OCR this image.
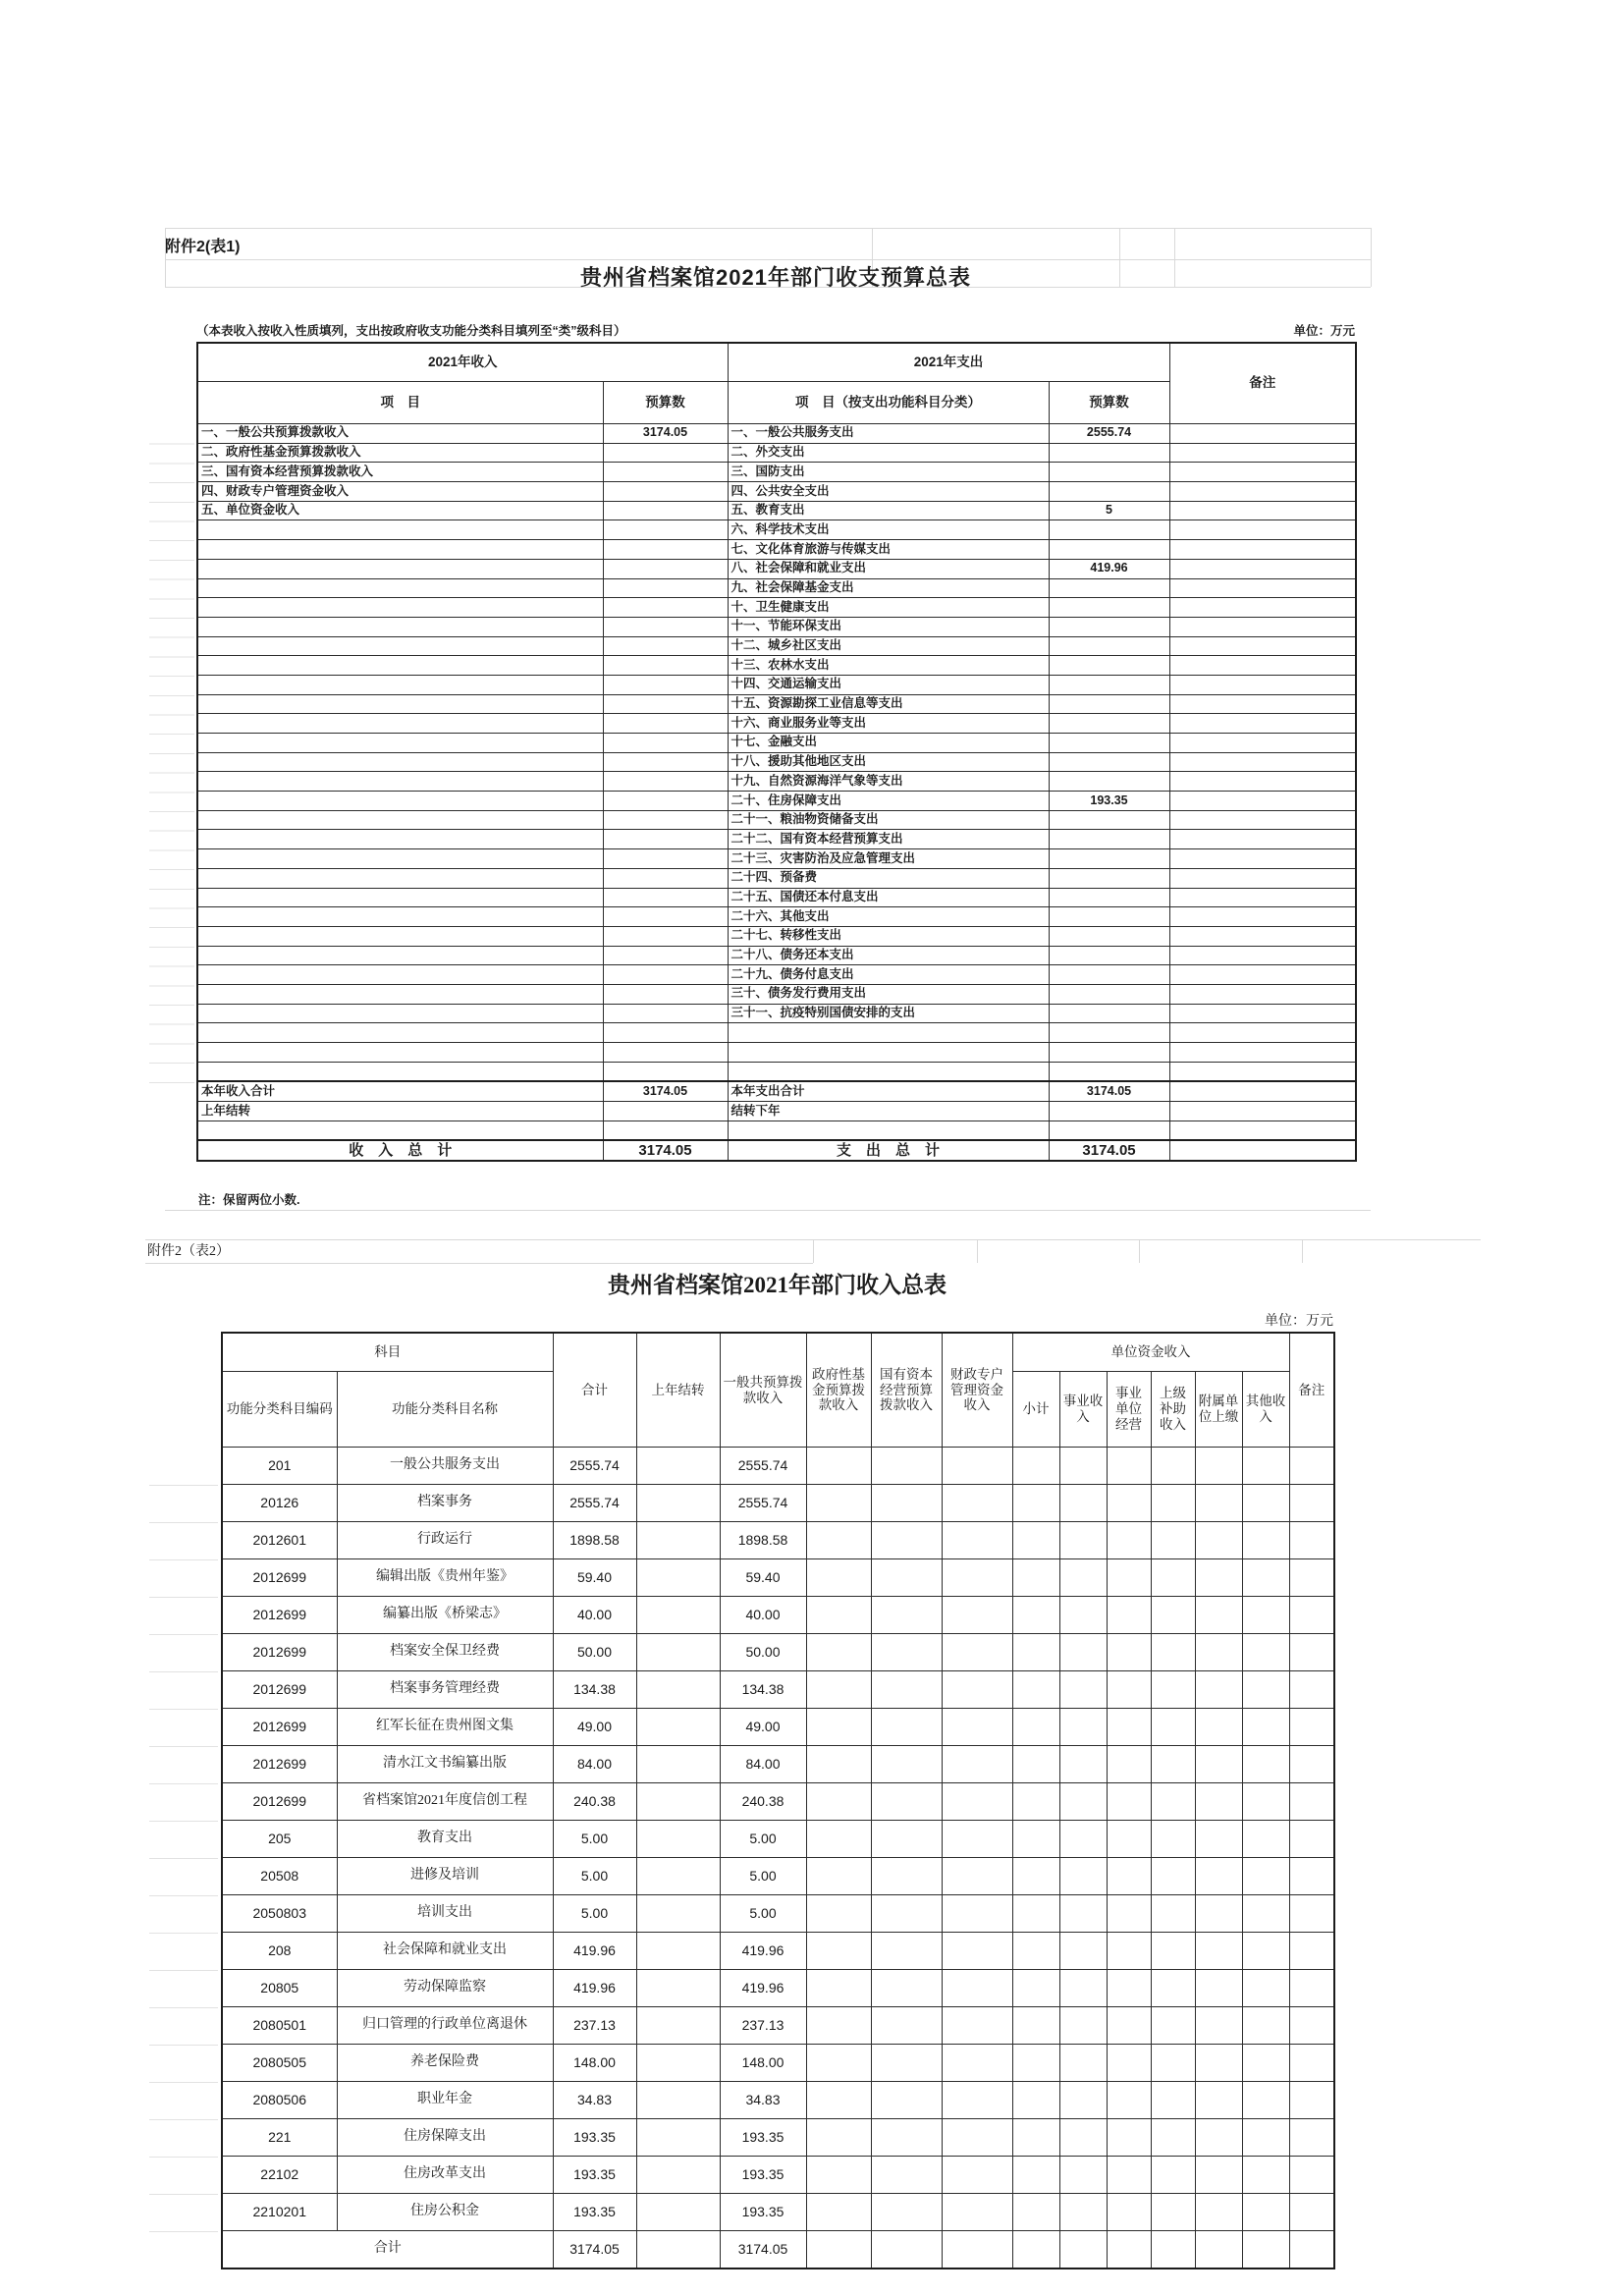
附件2(表1)
贵州省档案馆2021年部门收支预算总表
（本表收入按收入性质填列，支出按政府收支功能分类科目填列至“类”级科目）	单位：万元
2021年收入		2021年支出		备注
项　目	预算数	项　目（按支出功能科目分类）	预算数	
一、一般公共预算拨款收入	3174.05	一、一般公共服务支出	2555.74	
二、政府性基金预算拨款收入		二、外交支出		
三、国有资本经营预算拨款收入		三、国防支出		
四、财政专户管理资金收入		四、公共安全支出		
五、单位资金收入		五、教育支出	5	
		六、科学技术支出		
		七、文化体育旅游与传媒支出		
		八、社会保障和就业支出	419.96	
		九、社会保障基金支出		
		十、卫生健康支出		
		十一、节能环保支出		
		十二、城乡社区支出		
		十三、农林水支出		
		十四、交通运输支出		
		十五、资源勘探工业信息等支出		
		十六、商业服务业等支出		
		十七、金融支出		
		十八、援助其他地区支出		
		十九、自然资源海洋气象等支出		
		二十、住房保障支出	193.35	
		二十一、粮油物资储备支出		
		二十二、国有资本经营预算支出		
		二十三、灾害防治及应急管理支出		
		二十四、预备费		
		二十五、国债还本付息支出		
		二十六、其他支出		
		二十七、转移性支出		
		二十八、债务还本支出		
		二十九、债务付息支出		
		三十、债务发行费用支出		
		三十一、抗疫特别国债安排的支出		

本年收入合计	3174.05	本年支出合计	3174.05	
上年结转		结转下年		

收　入　总　计	3174.05	支　出　总　计	3174.05	
注：保留两位小数.
附件2（表2）
贵州省档案馆2021年部门收入总表
单位：万元
科目		合计	上年结转	一般共预算拨款收入	政府性基金预算拨款收入	国有资本经营预算拨款收入	财政专户管理资金收入	单位资金收入						备注
功能分类科目编码	功能分类科目名称							小计	事业收入	事业单位经营	上级补助收入	附属单位上缴	其他收入	
201	一般公共服务支出	2555.74		2555.74										
20126	档案事务	2555.74		2555.74										
2012601	行政运行	1898.58		1898.58										
2012699	编辑出版《贵州年鉴》	59.40		59.40										
2012699	编纂出版《桥梁志》	40.00		40.00										
2012699	档案安全保卫经费	50.00		50.00										
2012699	档案事务管理经费	134.38		134.38										
2012699	红军长征在贵州图文集	49.00		49.00										
2012699	清水江文书编纂出版	84.00		84.00										
2012699	省档案馆2021年度信创工程	240.38		240.38										
205	教育支出	5.00		5.00										
20508	进修及培训	5.00		5.00										
2050803	培训支出	5.00		5.00										
208	社会保障和就业支出	419.96		419.96										
20805	劳动保障监察	419.96		419.96										
2080501	归口管理的行政单位离退休	237.13		237.13										
2080505	养老保险费	148.00		148.00										
2080506	职业年金	34.83		34.83										
221	住房保障支出	193.35		193.35										
22102	住房改革支出	193.35		193.35										
2210201	住房公积金	193.35		193.35										
合计		3174.05		3174.05										
